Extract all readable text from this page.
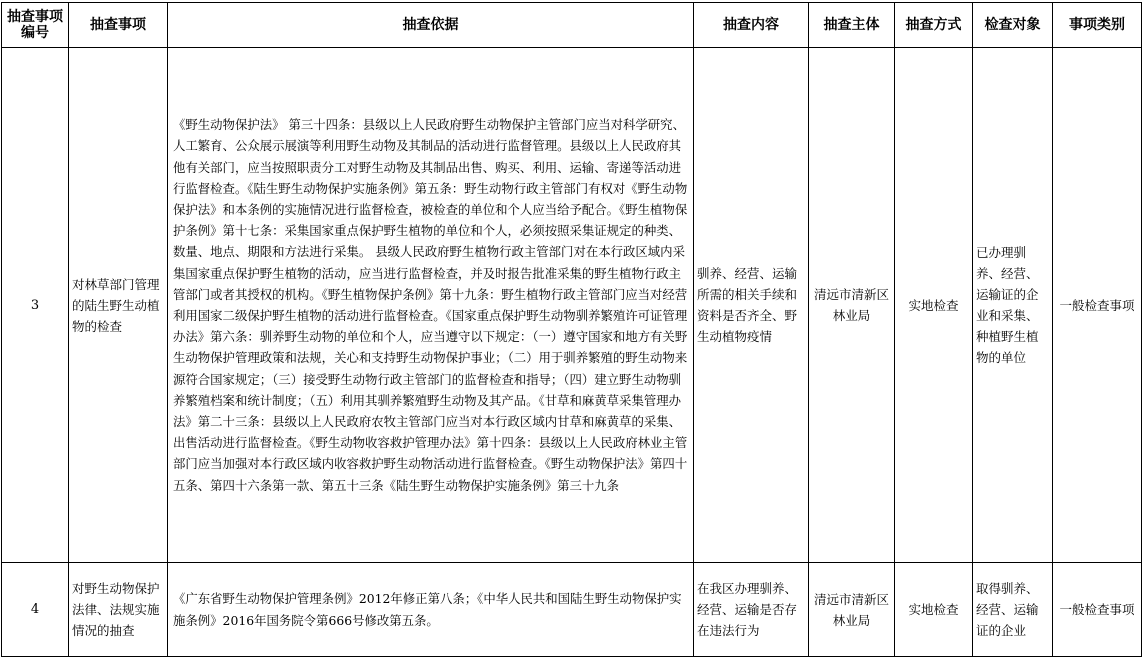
抽查事项编号	抽查事项	抽查依据	抽查内容	抽查主体	抽查方式	检查对象	事项类别
3	对林草部门管理的陆生野生动植物的检查	《野生动物保护法》 第三十四条：县级以上人民政府野生动物保护主管部门应当对科学研究、人工繁育、公众展示展演等利用野生动物及其制品的活动进行监督管理。县级以上人民政府其他有关部门，应当按照职责分工对野生动物及其制品出售、购买、利用、运输、寄递等活动进行监督检查。《陆生野生动物保护实施条例》第五条：野生动物行政主管部门有权对《野生动物保护法》和本条例的实施情况进行监督检查，被检查的单位和个人应当给予配合。《野生植物保护条例》第十七条：采集国家重点保护野生植物的单位和个人，必须按照采集证规定的种类、数量、地点、期限和方法进行采集。 县级人民政府野生植物行政主管部门对在本行政区域内采集国家重点保护野生植物的活动，应当进行监督检查，并及时报告批准采集的野生植物行政主管部门或者其授权的机构。《野生植物保护条例》第十九条：野生植物行政主管部门应当对经营利用国家二级保护野生植物的活动进行监督检查。《国家重点保护野生动物驯养繁殖许可证管理办法》第六条：驯养野生动物的单位和个人，应当遵守以下规定：（一）遵守国家和地方有关野生动物保护管理政策和法规，关心和支持野生动物保护事业；（二）用于驯养繁殖的野生动物来源符合国家规定；（三）接受野生动物行政主管部门的监督检查和指导；（四）建立野生动物驯养繁殖档案和统计制度；（五）利用其驯养繁殖野生动物及其产品。《甘草和麻黄草采集管理办法》第二十三条：县级以上人民政府农牧主管部门应当对本行政区域内甘草和麻黄草的采集、出售活动进行监督检查。《野生动物收容救护管理办法》第十四条：县级以上人民政府林业主管部门应当加强对本行政区域内收容救护野生动物活动进行监督检查。《野生动物保护法》第四十五条、第四十六条第一款、第五十三条《陆生野生动物保护实施条例》第三十九条	驯养、经营、运输所需的相关手续和资料是否齐全、野生动植物疫情	清远市清新区林业局	实地检查	已办理驯养、经营、运输证的企业和采集、种植野生植物的单位	一般检查事项
4	对野生动物保护法律、法规实施情况的抽查	《广东省野生动物保护管理条例》2012年修正第八条；《中华人民共和国陆生野生动物保护实施条例》2016年国务院令第666号修改第五条。	在我区办理驯养、经营、运输是否存在违法行为	清远市清新区林业局	实地检查	取得驯养、经营、运输证的企业	一般检查事项
